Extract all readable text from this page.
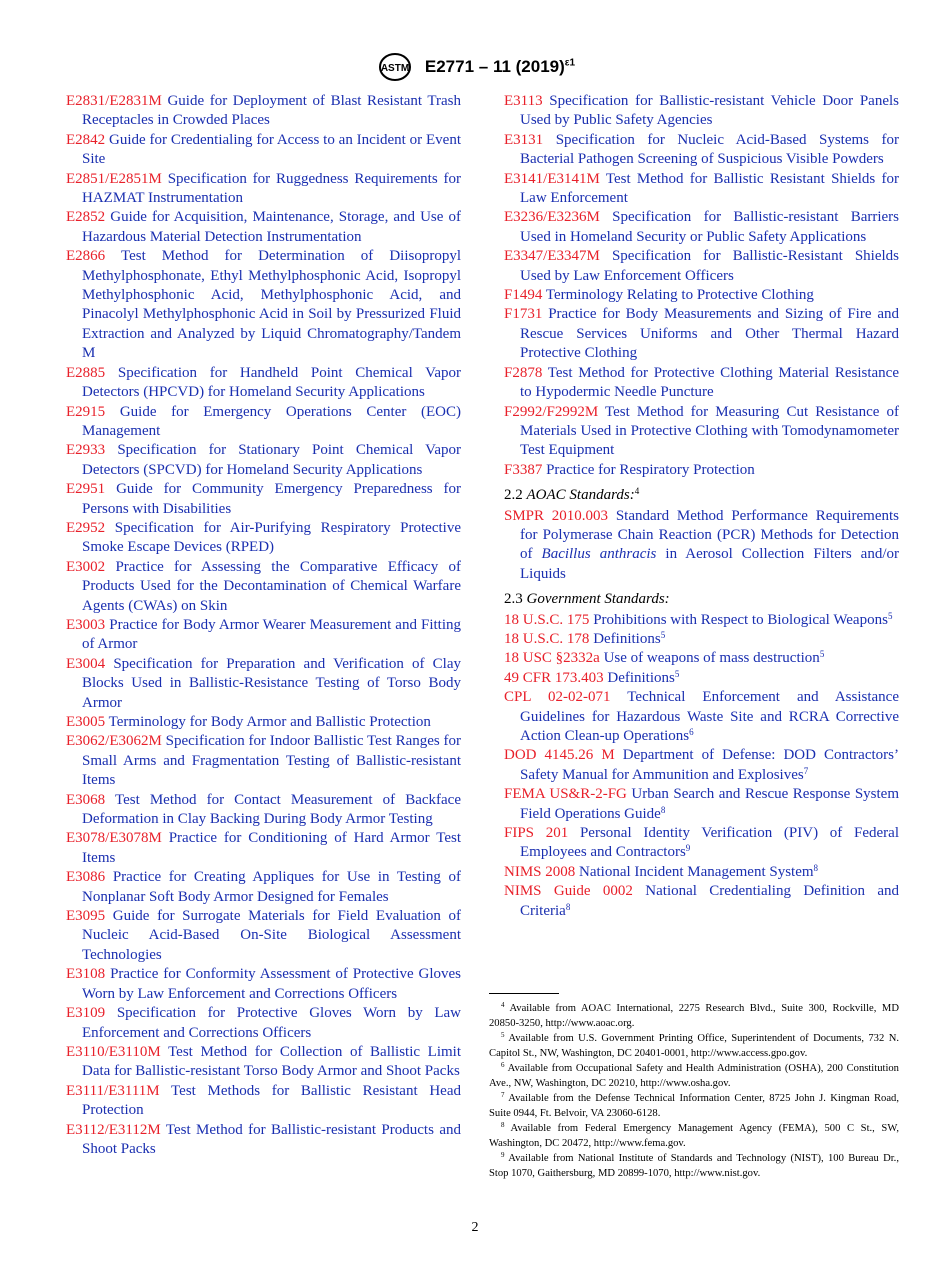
ASTM E2771 – 11 $(2019)^{\varepsilon 1}$

E2831/E2831M Guide for Deployment of Blast Resistant Trash Receptacles in Crowded Places

E2842 Guide for Credentialing for Access to an Incident or Event Site

E2851/E2851M Specification for Ruggedness Requirements for HAZMAT Instrumentation

E2852 Guide for Acquisition, Maintenance, Storage, and Use of Hazardous Material Detection Instrumentation

E2866 Test Method for Determination of Diisopropyl Methylphosphonate, Ethyl Methylphosphonic Acid, Isopropyl Methylphosphonic Acid, Methylphosphonic Acid, and Pinacolyl Methylphosphonic Acid in Soil by Pressurized Fluid Extraction and Analyzed by Liquid Chromatography/Tandem M

E2885 Specification for Handheld Point Chemical Vapor Detectors (HPCVD) for Homeland Security Applications

E2915 Guide for Emergency Operations Center (EOC) Management

E2933 Specification for Stationary Point Chemical Vapor Detectors (SPCVD) for Homeland Security Applications

E2951 Guide for Community Emergency Preparedness for Persons with Disabilities

E2952 Specification for Air-Purifying Respiratory Protective Smoke Escape Devices (RPED)

E3002 Practice for Assessing the Comparative Efficacy of Products Used for the Decontamination of Chemical Warfare Agents (CWAs) on Skin

E3003 Practice for Body Armor Wearer Measurement and Fitting of Armor

E3004 Specification for Preparation and Verification of Clay Blocks Used in Ballistic-Resistance Testing of Torso Body Armor

E3005 Terminology for Body Armor and Ballistic Protection

E3062/E3062M Specification for Indoor Ballistic Test Ranges for Small Arms and Fragmentation Testing of Ballistic-resistant Items

E3068 Test Method for Contact Measurement of Backface Deformation in Clay Backing During Body Armor Testing

E3078/E3078M Practice for Conditioning of Hard Armor Test Items

E3086 Practice for Creating Appliques for Use in Testing of Nonplanar Soft Body Armor Designed for Females

E3095 Guide for Surrogate Materials for Field Evaluation of Nucleic Acid-Based On-Site Biological Assessment Technologies

E3108 Practice for Conformity Assessment of Protective Gloves Worn by Law Enforcement and Corrections Officers

E3109 Specification for Protective Gloves Worn by Law Enforcement and Corrections Officers

E3110/E3110M Test Method for Collection of Ballistic Limit Data for Ballistic-resistant Torso Body Armor and Shoot Packs

E3111/E3111M Test Methods for Ballistic Resistant Head Protection

E3112/E3112M Test Method for Ballistic-resistant Products and Shoot Packs

E3113 Specification for Ballistic-resistant Vehicle Door Panels Used by Public Safety Agencies

E3131 Specification for Nucleic Acid-Based Systems for Bacterial Pathogen Screening of Suspicious Visible Powders

E3141/E3141M Test Method for Ballistic Resistant Shields for Law Enforcement

E3236/E3236M Specification for Ballistic-resistant Barriers Used in Homeland Security or Public Safety Applications

E3347/E3347M Specification for Ballistic-Resistant Shields Used by Law Enforcement Officers

F1494 Terminology Relating to Protective Clothing

F1731 Practice for Body Measurements and Sizing of Fire and Rescue Services Uniforms and Other Thermal Hazard Protective Clothing

F2878 Test Method for Protective Clothing Material Resistance to Hypodermic Needle Puncture

F2992/F2992M Test Method for Measuring Cut Resistance of Materials Used in Protective Clothing with Tomodynamometer Test Equipment

F3387 Practice for Respiratory Protection

2.2 AOAC Standards:$^4$

SMPR 2010.003 Standard Method Performance Requirements for Polymerase Chain Reaction (PCR) Methods for Detection of Bacillus anthracis in Aerosol Collection Filters and/or Liquids

2.3 Government Standards:

18 U.S.C. 175 Prohibitions with Respect to Biological Weapons$^5$

18 U.S.C. 178 Definitions$^5$

18 USC §2332a Use of weapons of mass destruction$^5$

49 CFR 173.403 Definitions$^5$

CPL 02-02-071 Technical Enforcement and Assistance Guidelines for Hazardous Waste Site and RCRA Corrective Action Clean-up Operations$^6$

DOD 4145.26 M Department of Defense: DOD Contractors’ Safety Manual for Ammunition and Explosives$^7$

FEMA US&R-2-FG Urban Search and Rescue Response System Field Operations Guide$^8$

FIPS 201 Personal Identity Verification (PIV) of Federal Employees and Contractors$^9$

NIMS 2008 National Incident Management System$^8$

NIMS Guide 0002 National Credentialing Definition and Criteria$^8$

$^4$ Available from AOAC International, 2275 Research Blvd., Suite 300, Rockville, MD 20850-3250, http://www.aoac.org.

$^5$ Available from U.S. Government Printing Office, Superintendent of Documents, 732 N. Capitol St., NW, Washington, DC 20401-0001, http://www.access.gpo.gov.

$^6$ Available from Occupational Safety and Health Administration (OSHA), 200 Constitution Ave., NW, Washington, DC 20210, http://www.osha.gov.

$^7$ Available from the Defense Technical Information Center, 8725 John J. Kingman Road, Suite 0944, Ft. Belvoir, VA 23060-6128.

$^8$ Available from Federal Emergency Management Agency (FEMA), 500 C St., SW, Washington, DC 20472, http://www.fema.gov.

$^9$ Available from National Institute of Standards and Technology (NIST), 100 Bureau Dr., Stop 1070, Gaithersburg, MD 20899-1070, http://www.nist.gov.

2
